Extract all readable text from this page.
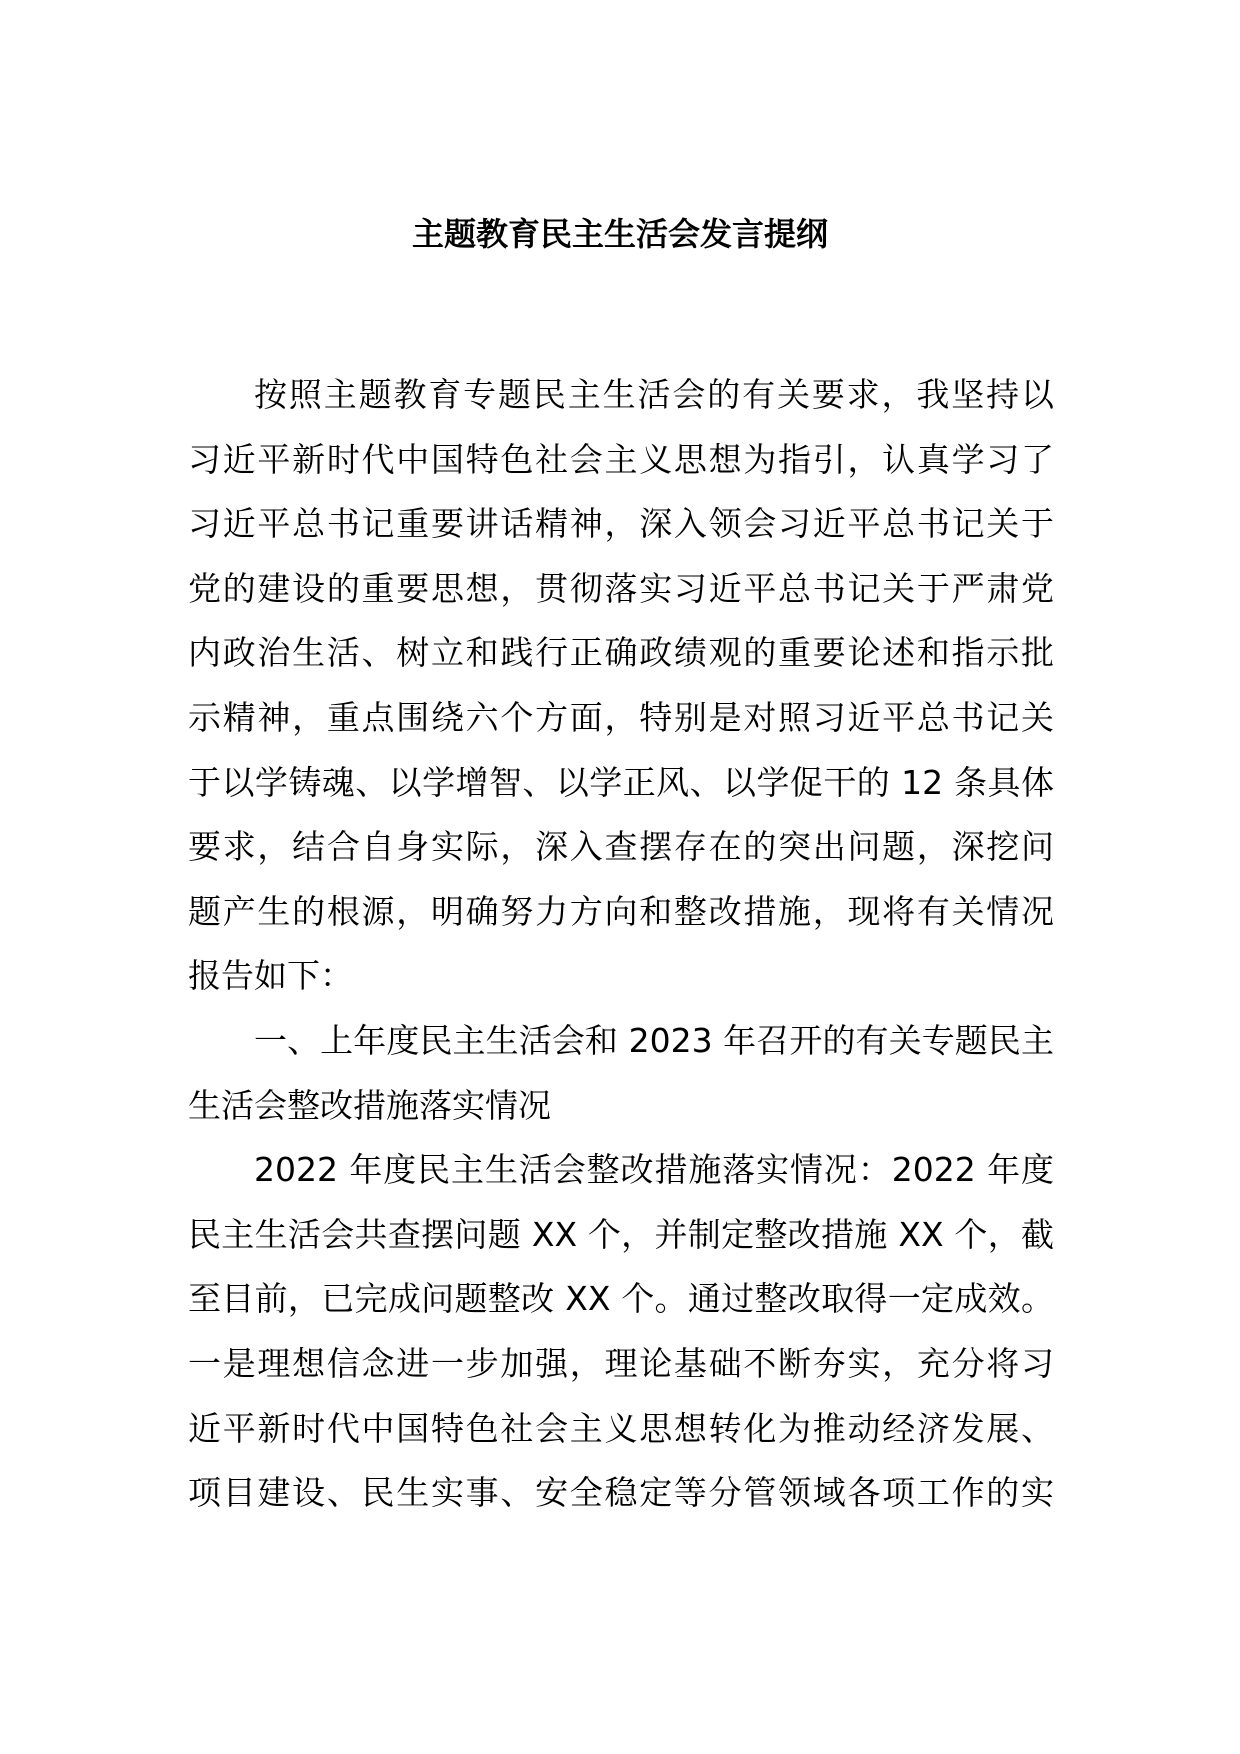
主题教育民主生活会发言提纲
按照主题教育专题民主生活会的有关要求，我坚持以
习近平新时代中国特色社会主义思想为指引，认真学习了
习近平总书记重要讲话精神，深入领会习近平总书记关于
党的建设的重要思想，贯彻落实习近平总书记关于严肃党
内政治生活、树立和践行正确政绩观的重要论述和指示批
示精神，重点围绕六个方面，特别是对照习近平总书记关
于以学铸魂、以学增智、以学正风、以学促干的 12 条具体
要求，结合自身实际，深入查摆存在的突出问题，深挖问
题产生的根源，明确努力方向和整改措施，现将有关情况
报告如下：
一、上年度民主生活会和 2023 年召开的有关专题民主
生活会整改措施落实情况
2022 年度民主生活会整改措施落实情况：2022 年度
民主生活会共查摆问题 XX 个，并制定整改措施 XX 个，截
至目前，已完成问题整改 XX 个。通过整改取得一定成效。
一是理想信念进一步加强，理论基础不断夯实，充分将习
近平新时代中国特色社会主义思想转化为推动经济发展、
项目建设、民生实事、安全稳定等分管领域各项工作的实
